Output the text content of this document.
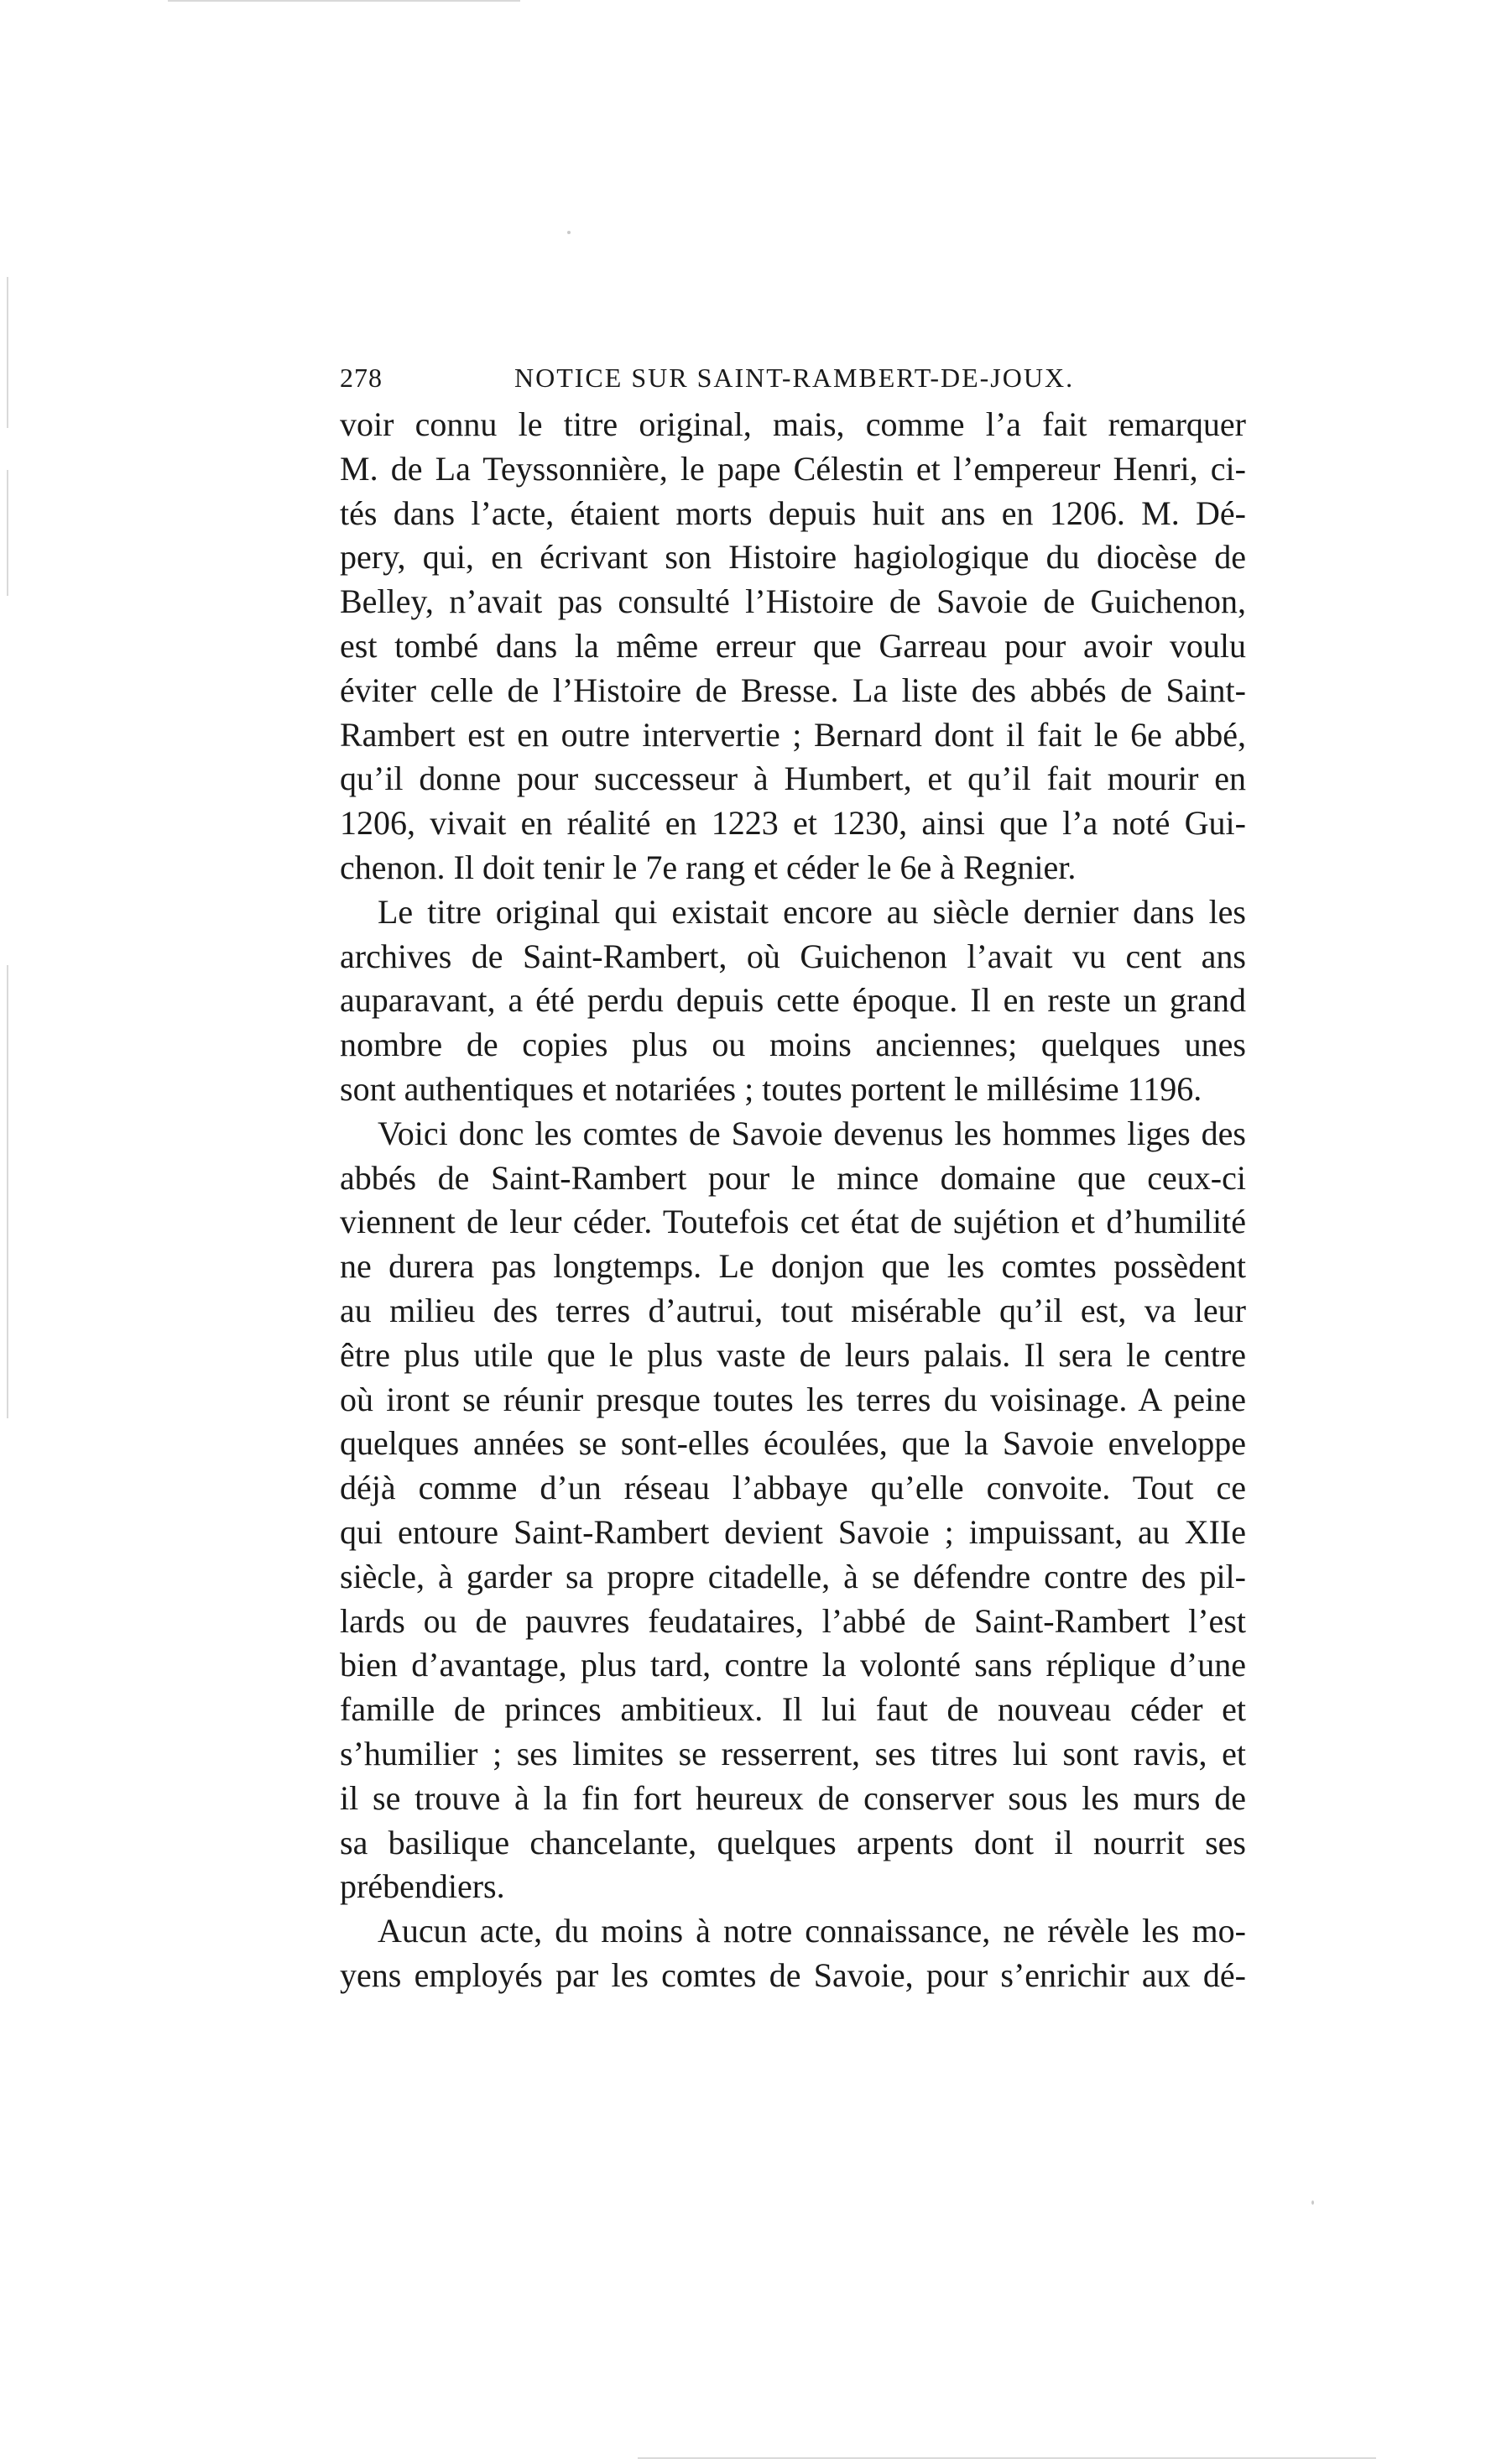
278	NOTICE SUR SAINT-RAMBERT-DE-JOUX.
voir connu le titre original, mais, comme l’a fait remarquer
M. de La Teyssonnière, le pape Célestin et l’empereur Henri, ci-
tés dans l’acte, étaient morts depuis huit ans en 1206. M. Dé-
pery, qui, en écrivant son Histoire hagiologique du diocèse de
Belley, n’avait pas consulté l’Histoire de Savoie de Guichenon,
est tombé dans la même erreur que Garreau pour avoir voulu
éviter celle de l’Histoire de Bresse. La liste des abbés de Saint-
Rambert est en outre intervertie ; Bernard dont il fait le 6e abbé,
qu’il donne pour successeur à Humbert, et qu’il fait mourir en
1206, vivait en réalité en 1223 et 1230, ainsi que l’a noté Gui-
chenon. Il doit tenir le 7e rang et céder le 6e à Regnier.
Le titre original qui existait encore au siècle dernier dans les
archives de Saint-Rambert, où Guichenon l’avait vu cent ans
auparavant, a été perdu depuis cette époque. Il en reste un grand
nombre de copies plus ou moins anciennes; quelques unes
sont authentiques et notariées ; toutes portent le millésime 1196.
Voici donc les comtes de Savoie devenus les hommes liges des
abbés de Saint-Rambert pour le mince domaine que ceux-ci
viennent de leur céder. Toutefois cet état de sujétion et d’humilité
ne durera pas longtemps. Le donjon que les comtes possèdent
au milieu des terres d’autrui, tout misérable qu’il est, va leur
être plus utile que le plus vaste de leurs palais. Il sera le centre
où iront se réunir presque toutes les terres du voisinage. A peine
quelques années se sont-elles écoulées, que la Savoie enveloppe
déjà comme d’un réseau l’abbaye qu’elle convoite. Tout ce
qui entoure Saint-Rambert devient Savoie ; impuissant, au XIIe
siècle, à garder sa propre citadelle, à se défendre contre des pil-
lards ou de pauvres feudataires, l’abbé de Saint-Rambert l’est
bien d’avantage, plus tard, contre la volonté sans réplique d’une
famille de princes ambitieux. Il lui faut de nouveau céder et
s’humilier ; ses limites se resserrent, ses titres lui sont ravis, et
il se trouve à la fin fort heureux de conserver sous les murs de
sa basilique chancelante, quelques arpents dont il nourrit ses
prébendiers.
Aucun acte, du moins à notre connaissance, ne révèle les mo-
yens employés par les comtes de Savoie, pour s’enrichir aux dé-
